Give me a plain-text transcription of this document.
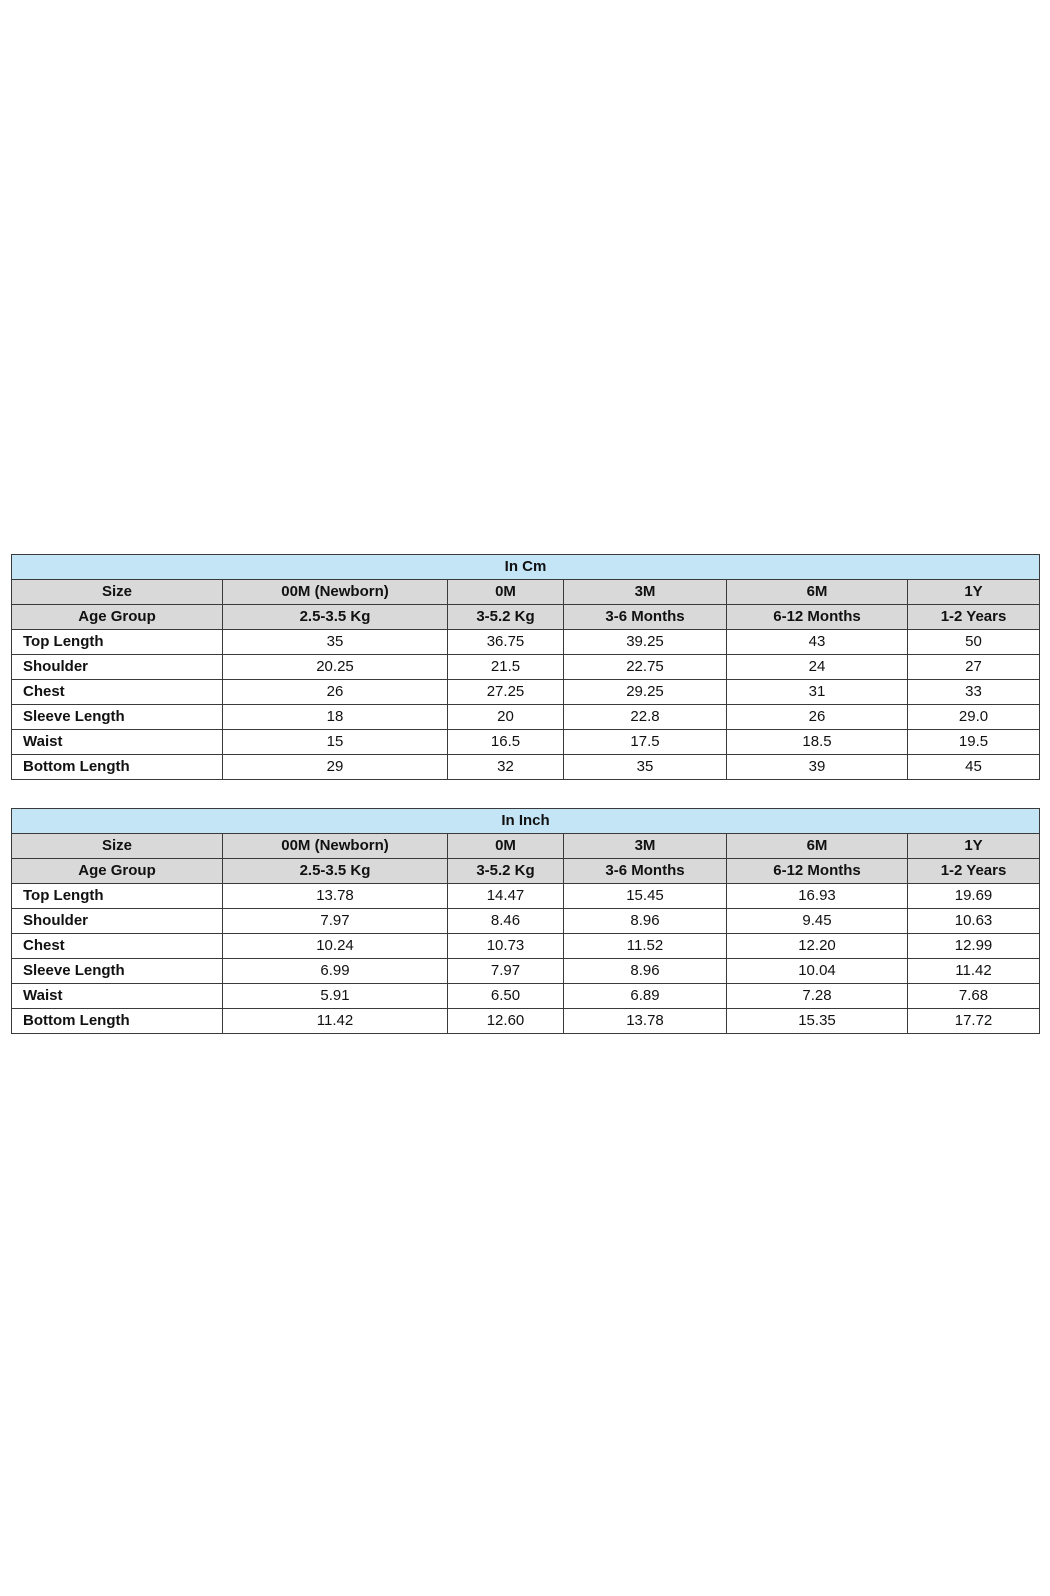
In Cm					
Size	00M (Newborn)	0M	3M	6M	1Y
Age Group	2.5-3.5 Kg	3-5.2 Kg	3-6 Months	6-12 Months	1-2 Years
Top Length	35	36.75	39.25	43	50
Shoulder	20.25	21.5	22.75	24	27
Chest	26	27.25	29.25	31	33
Sleeve Length	18	20	22.8	26	29.0
Waist	15	16.5	17.5	18.5	19.5
Bottom Length	29	32	35	39	45
In Inch					
Size	00M (Newborn)	0M	3M	6M	1Y
Age Group	2.5-3.5 Kg	3-5.2 Kg	3-6 Months	6-12 Months	1-2 Years
Top Length	13.78	14.47	15.45	16.93	19.69
Shoulder	7.97	8.46	8.96	9.45	10.63
Chest	10.24	10.73	11.52	12.20	12.99
Sleeve Length	6.99	7.97	8.96	10.04	11.42
Waist	5.91	6.50	6.89	7.28	7.68
Bottom Length	11.42	12.60	13.78	15.35	17.72
